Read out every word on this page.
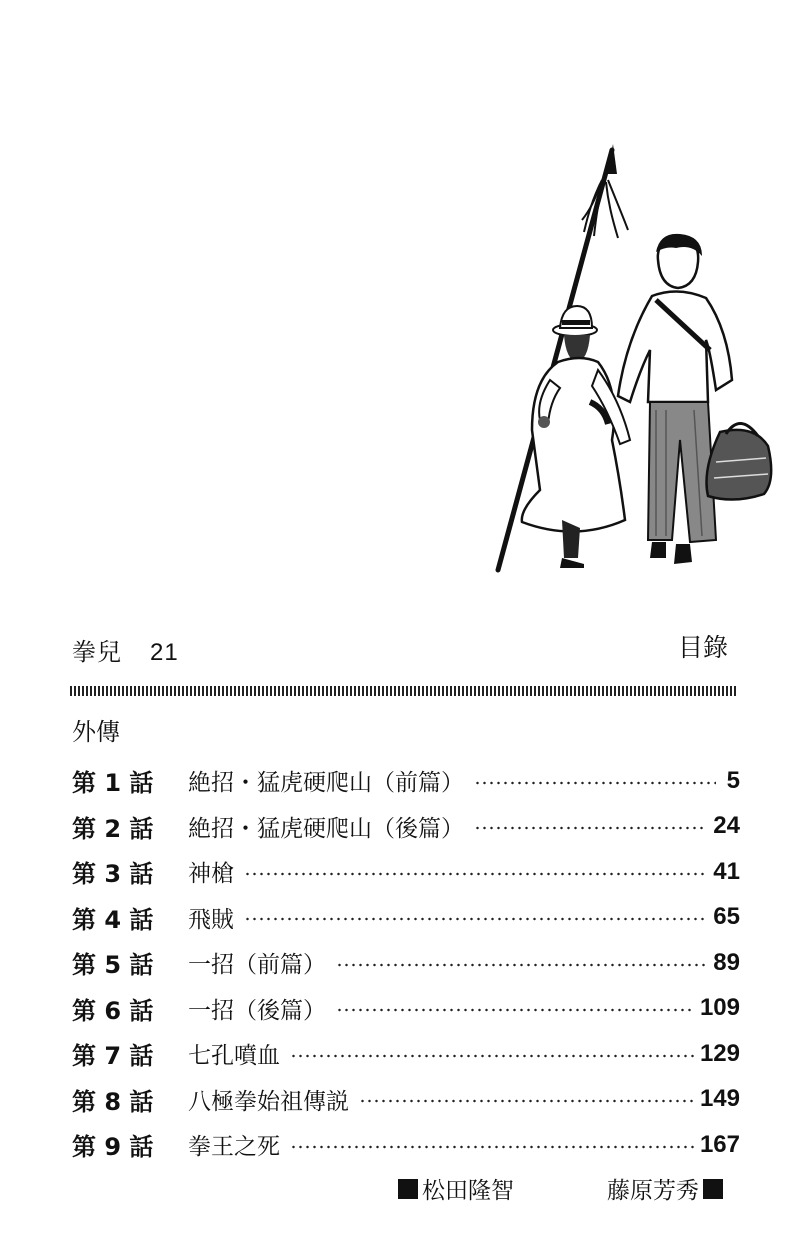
拳兒 21	目錄
外傳
第 1 話	絶招・猛虎硬爬山（前篇）	5
第 2 話	絶招・猛虎硬爬山（後篇）	24
第 3 話	神槍	41
第 4 話	飛賊	65
第 5 話	一招（前篇）	89
第 6 話	一招（後篇）	109
第 7 話	七孔噴血	129
第 8 話	八極拳始祖傳説	149
第 9 話	拳王之死	167
松田隆智	藤原芳秀
